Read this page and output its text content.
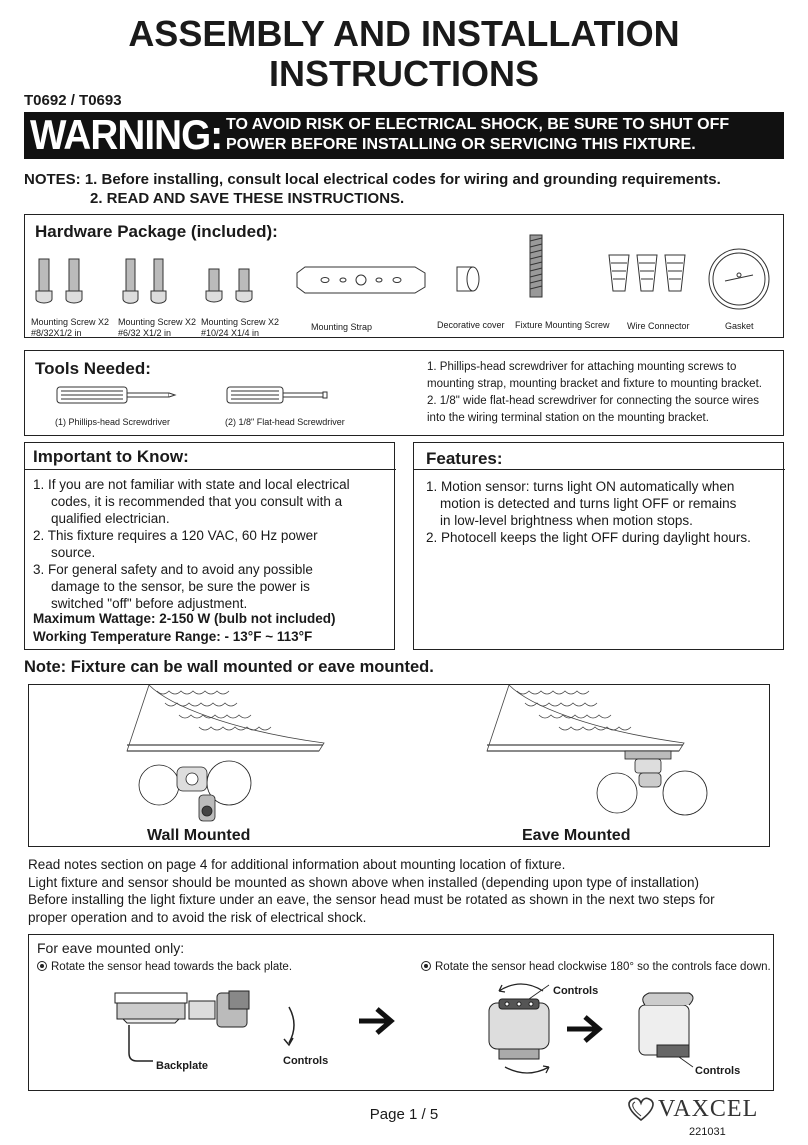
ASSEMBLY AND INSTALLATION
INSTRUCTIONS
T0692 / T0693
WARNING: TO AVOID RISK OF ELECTRICAL SHOCK, BE SURE TO SHUT OFF
POWER BEFORE INSTALLING OR SERVICING THIS FIXTURE.
NOTES: 1. Before installing, consult local electrical codes for wiring and grounding requirements.
2. READ AND SAVE THESE INSTRUCTIONS.
Hardware Package (included):
Mounting Screw X2
#8/32X1/2 in
Mounting Screw X2
#6/32 X1/2 in
Mounting Screw X2
#10/24 X1/4 in
Mounting Strap	Decorative cover Fixture Mounting Screw Wire Connector	Gasket
Tools Needed:
(1) Phillips-head Screwdriver	(2) 1/8" Flat-head Screwdriver
1. Phillips-head screwdriver for attaching mounting screws to
mounting strap, mounting bracket and fixture to mounting bracket.
2. 1/8" wide flat-head screwdriver for connecting the source wires
into the wiring terminal station on the mounting bracket.
Important to Know:
1. If you are not familiar with state and local electrical
codes, it is recommended that you consult with a
qualified electrician.
2. This fixture requires a 120 VAC, 60 Hz power
source.
3. For general safety and to avoid any possible
damage to the sensor, be sure the power is
switched "off" before adjustment.
Maximum Wattage: 2-150 W (bulb not included)
Working Temperature Range: - 13°F ~ 113°F
Features:
1. Motion sensor: turns light ON automatically when
motion is detected and turns light OFF or remains
in low-level brightness when motion stops.
2. Photocell keeps the light OFF during daylight hours.
Note: Fixture can be wall mounted or eave mounted.
Wall Mounted	Eave Mounted
Read notes section on page 4 for additional information about mounting location of fixture.
Light fixture and sensor should be mounted as shown above when installed (depending upon type of installation)
Before installing the light fixture under an eave, the sensor head must be rotated as shown in the next two steps for
proper operation and to avoid the risk of electrical shock.
For eave mounted only:
Rotate the sensor head towards the back plate.	Rotate the sensor head clockwise 180° so the controls face down.
Backplate	Controls
Controls
Controls
Page 1 / 5	VAXCEL
221031
